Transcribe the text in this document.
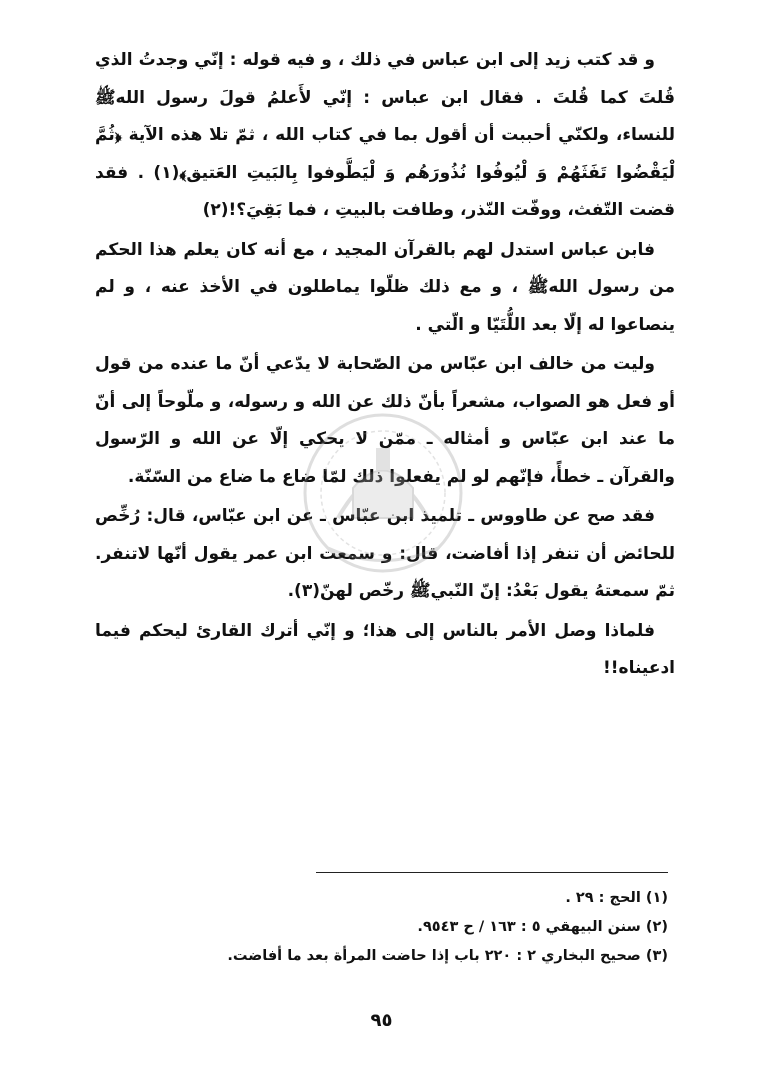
و قد كتب زيد إلى ابن عباس في ذلك ، و فيه قوله : إنّي وجدتُ الذي قُلتَ كما قُلتَ . فقال ابن عباس : إنّي لأَعلمُ قولَ رسول اللهﷺ للنساء، ولكنّي أحببت أن أقول بما في كتاب الله ، ثمّ تلا هذه الآية ﴿ثُمَّ لْيَقْضُوا تَفَثَهُمْ وَ لْيُوفُوا نُذُورَهُم وَ لْيَطَّوفوا بِالبَيتِ العَتيق﴾(١) . فقد قضت التّفث، ووفّت النّذر، وطافت بالبيتِ ، فما بَقِيَ؟!(٢)

فابن عباس استدل لهم بالقرآن المجيد ، مع أنه كان يعلم هذا الحكم من رسول اللهﷺ ، و مع ذلك ظلّوا يماطلون في الأخذ عنه ، و لم ينصاعوا له إلّا بعد اللُّتَيّا و الّتي .

وليت من خالف ابن عبّاس من الصّحابة لا يدّعي أنّ ما عنده من قول أو فعل هو الصواب، مشعراً بأنّ ذلك عن الله و رسوله، و ملّوحاً إلى أنّ ما عند ابن عبّاس و أمثاله ـ ممّن لا يحكي إلّا عن الله و الرّسول والقرآن ـ خطأً، فإنّهم لو لم يفعلوا ذلك لمّا ضاع ما ضاع من السّنّة.

فقد صح عن طاووس ـ تلميذ ابن عبّاس ـ عن ابن عبّاس، قال: رُخِّص للحائض أن تنفر إذا أفاضت، قال: و سمعت ابن عمر يقول أنّها لاتنفر. ثمّ سمعتهُ يقول بَعْدُ: إنّ النّبيﷺ رخّص لهنّ(٣).

فلماذا وصل الأمر بالناس إلى هذا؛ و إنّي أترك القارئ ليحكم فيما ادعيناه!!

(١) الحج : ٢٩ .
(٢) سنن البيهقي ٥ : ١٦٣ / ح ٩٥٤٣.
(٣) صحيح البخاري ٢ : ٢٢٠ باب إذا حاضت المرأة بعد ما أفاضت.
٩٥
